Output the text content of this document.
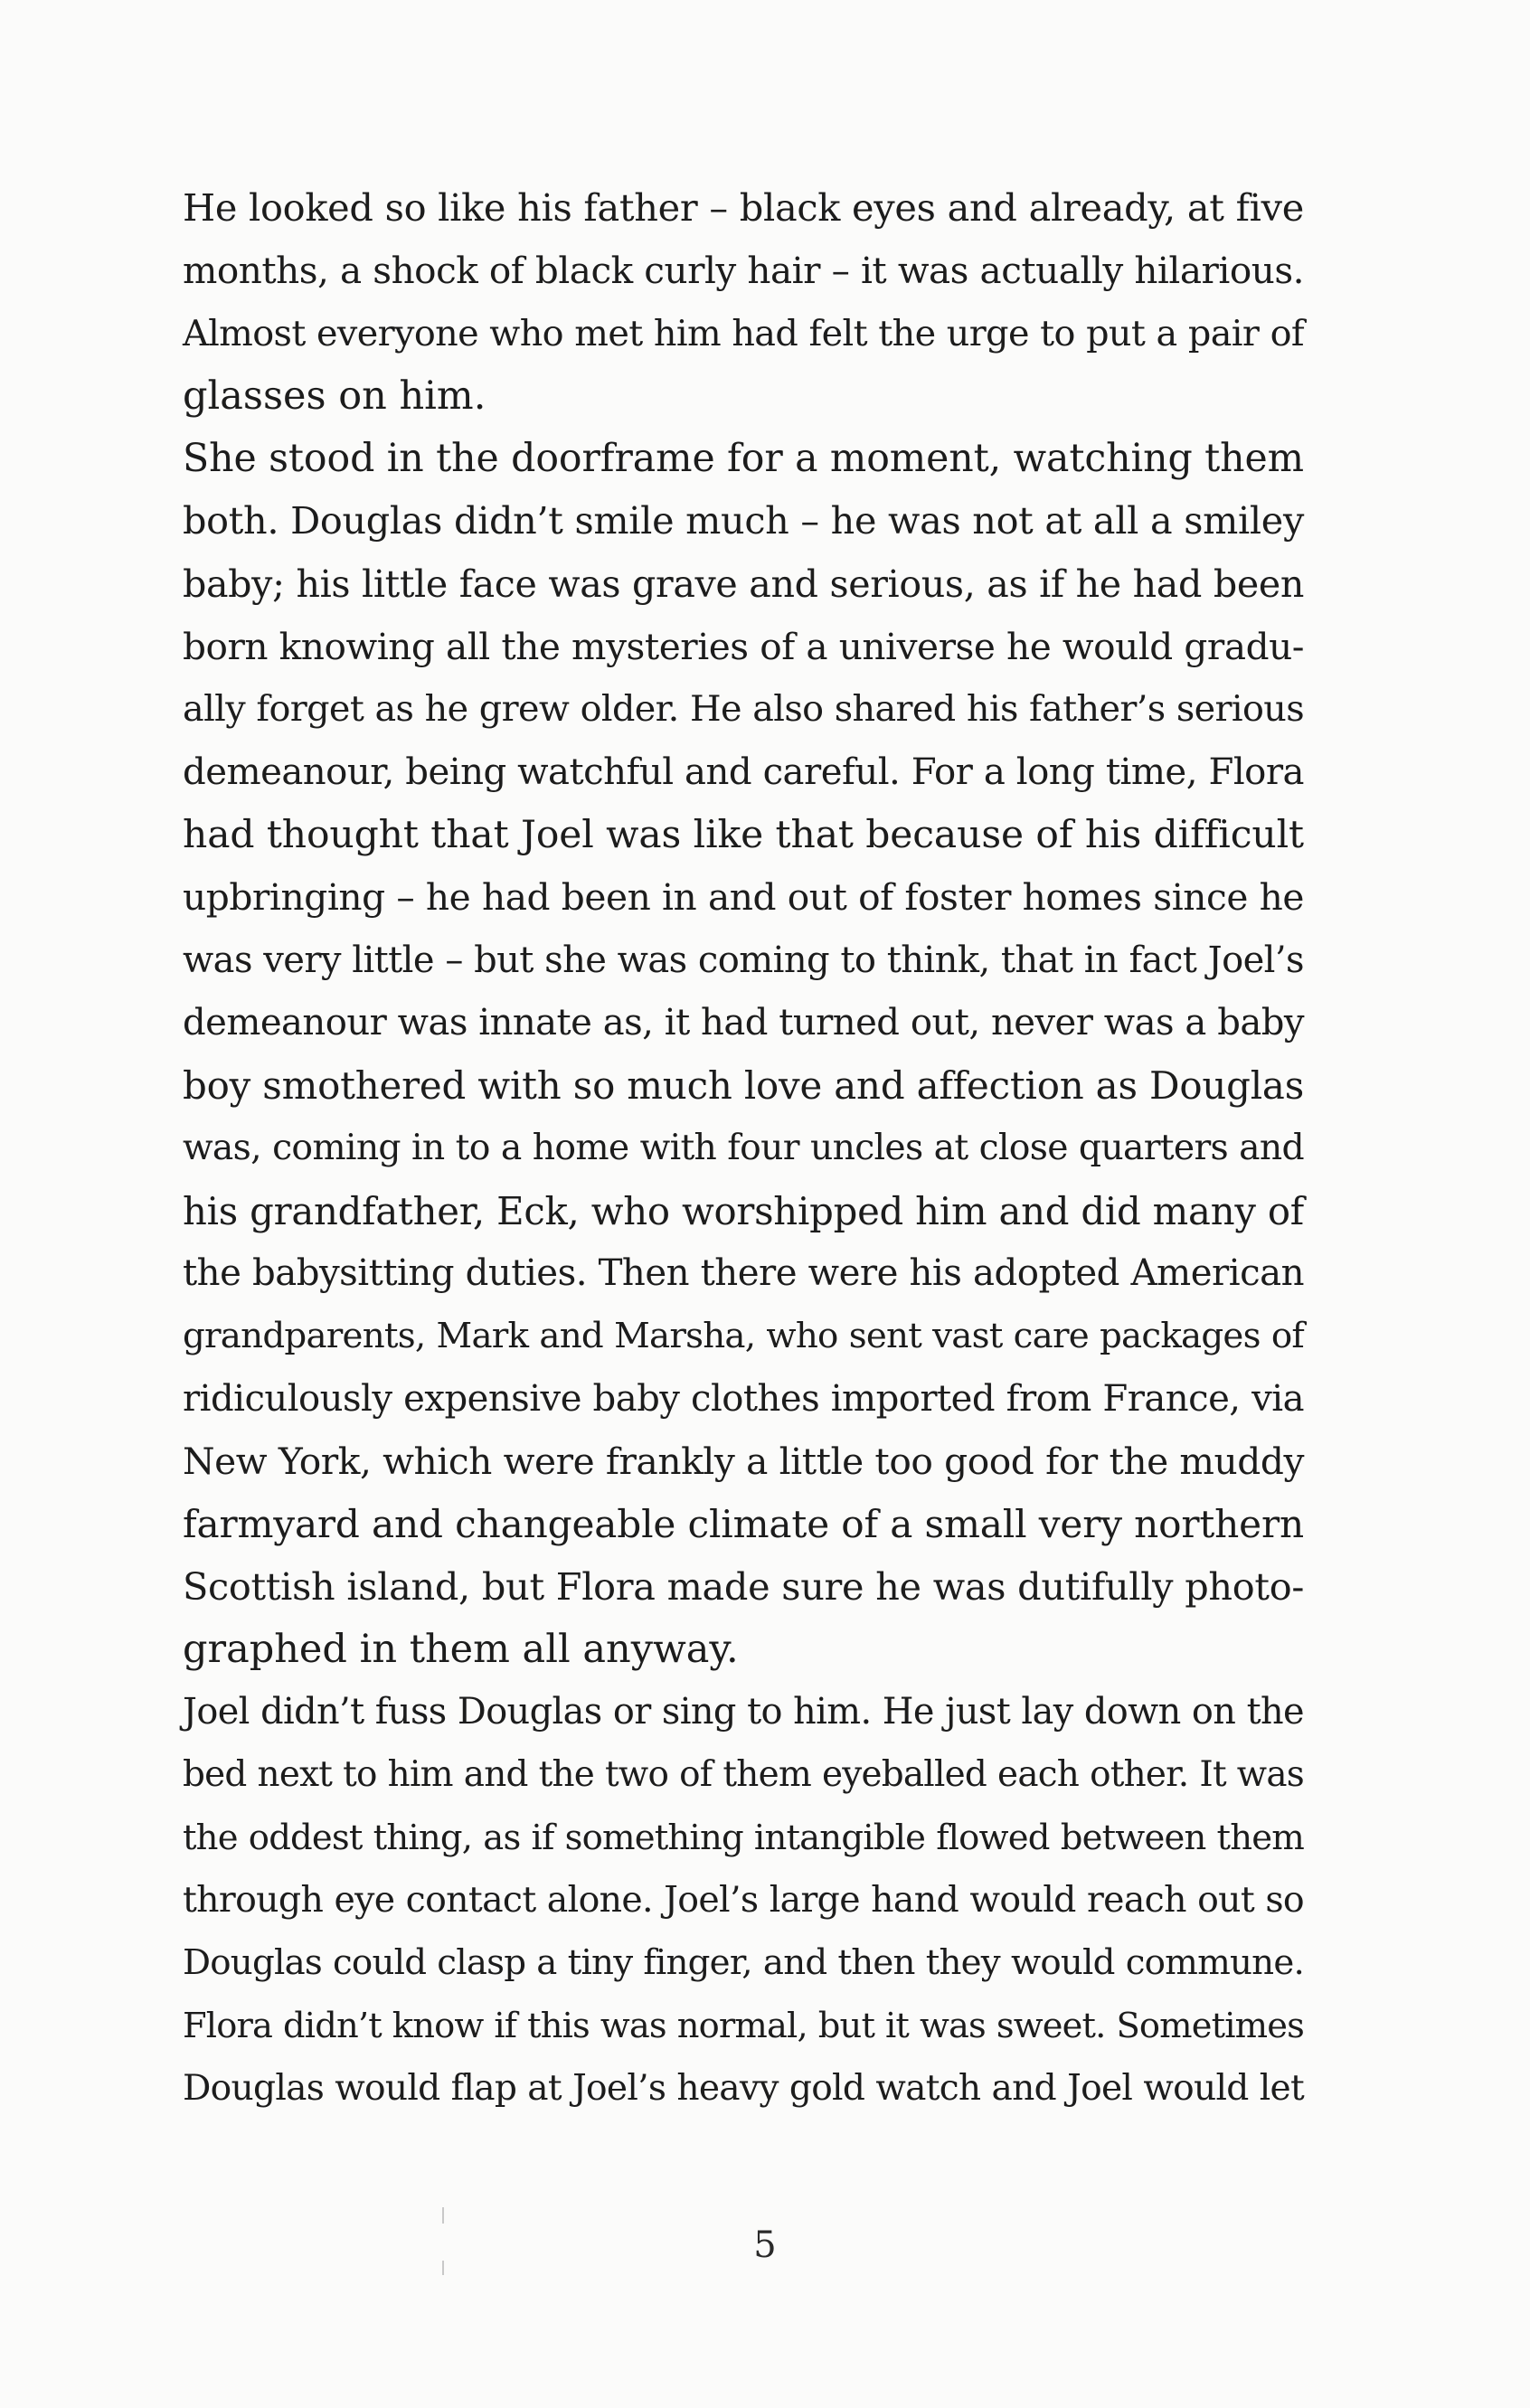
He looked so like his father – black eyes and already, at five
months, a shock of black curly hair – it was actually hilarious.
Almost everyone who met him had felt the urge to put a pair of
glasses on him.

She stood in the doorframe for a moment, watching them
both. Douglas didn’t smile much – he was not at all a smiley
baby; his little face was grave and serious, as if he had been
born knowing all the mysteries of a universe he would gradu-
ally forget as he grew older. He also shared his father’s serious
demeanour, being watchful and careful. For a long time, Flora
had thought that Joel was like that because of his difficult
upbringing – he had been in and out of foster homes since he
was very little – but she was coming to think, that in fact Joel’s
demeanour was innate as, it had turned out, never was a baby
boy smothered with so much love and affection as Douglas
was, coming in to a home with four uncles at close quarters and
his grandfather, Eck, who worshipped him and did many of
the babysitting duties. Then there were his adopted American
grandparents, Mark and Marsha, who sent vast care packages of
ridiculously expensive baby clothes imported from France, via
New York, which were frankly a little too good for the muddy
farmyard and changeable climate of a small very northern
Scottish island, but Flora made sure he was dutifully photo-
graphed in them all anyway.

Joel didn’t fuss Douglas or sing to him. He just lay down on the
bed next to him and the two of them eyeballed each other. It was
the oddest thing, as if something intangible flowed between them
through eye contact alone. Joel’s large hand would reach out so
Douglas could clasp a tiny finger, and then they would commune.
Flora didn’t know if this was normal, but it was sweet. Sometimes
Douglas would flap at Joel’s heavy gold watch and Joel would let

5
